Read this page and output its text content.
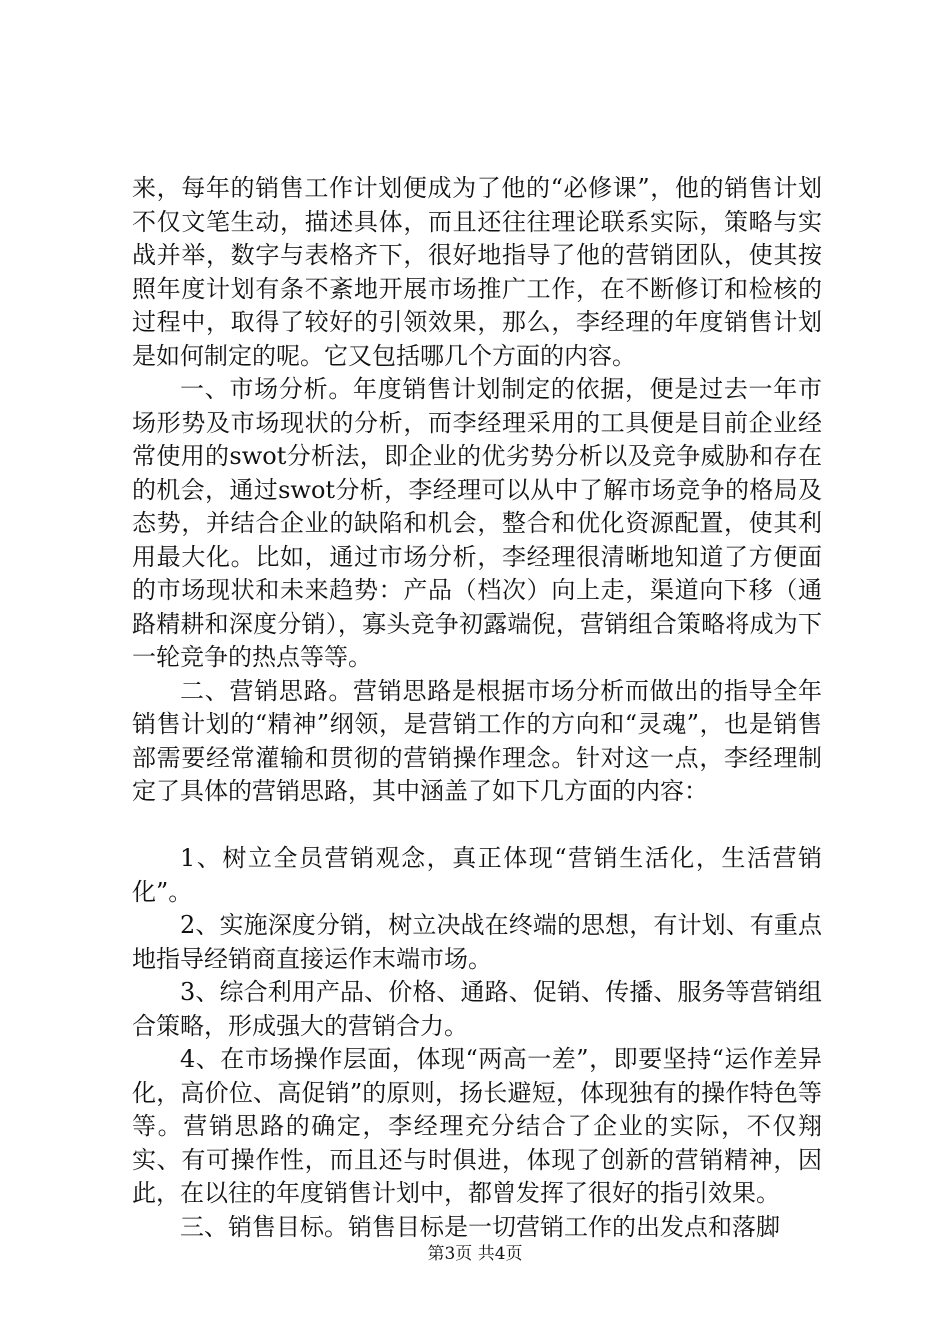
来，每年的销售工作计划便成为了他的“必修课”，他的销售计划不仅文笔生动，描述具体，而且还往往理论联系实际，策略与实战并举，数字与表格齐下，很好地指导了他的营销团队，使其按照年度计划有条不紊地开展市场推广工作，在不断修订和检核的过程中，取得了较好的引领效果，那么，李经理的年度销售计划是如何制定的呢。它又包括哪几个方面的内容。

一、市场分析。年度销售计划制定的依据，便是过去一年市场形势及市场现状的分析，而李经理采用的工具便是目前企业经常使用的swot分析法，即企业的优劣势分析以及竞争威胁和存在的机会，通过swot分析，李经理可以从中了解市场竞争的格局及态势，并结合企业的缺陷和机会，整合和优化资源配置，使其利用最大化。比如，通过市场分析，李经理很清晰地知道了方便面的市场现状和未来趋势：产品（档次）向上走，渠道向下移（通路精耕和深度分销），寡头竞争初露端倪，营销组合策略将成为下一轮竞争的热点等等。

二、营销思路。营销思路是根据市场分析而做出的指导全年销售计划的“精神”纲领，是营销工作的方向和“灵魂”，也是销售部需要经常灌输和贯彻的营销操作理念。针对这一点，李经理制定了具体的营销思路，其中涵盖了如下几方面的内容：

1、树立全员营销观念，真正体现“营销生活化，生活营销化”。

2、实施深度分销，树立决战在终端的思想，有计划、有重点地指导经销商直接运作末端市场。

3、综合利用产品、价格、通路、促销、传播、服务等营销组合策略，形成强大的营销合力。

4、在市场操作层面，体现“两高一差”，即要坚持“运作差异化，高价位、高促销”的原则，扬长避短，体现独有的操作特色等等。营销思路的确定，李经理充分结合了企业的实际，不仅翔实、有可操作性，而且还与时俱进，体现了创新的营销精神，因此，在以往的年度销售计划中，都曾发挥了很好的指引效果。

三、销售目标。销售目标是一切营销工作的出发点和落脚

第3页 共4页
